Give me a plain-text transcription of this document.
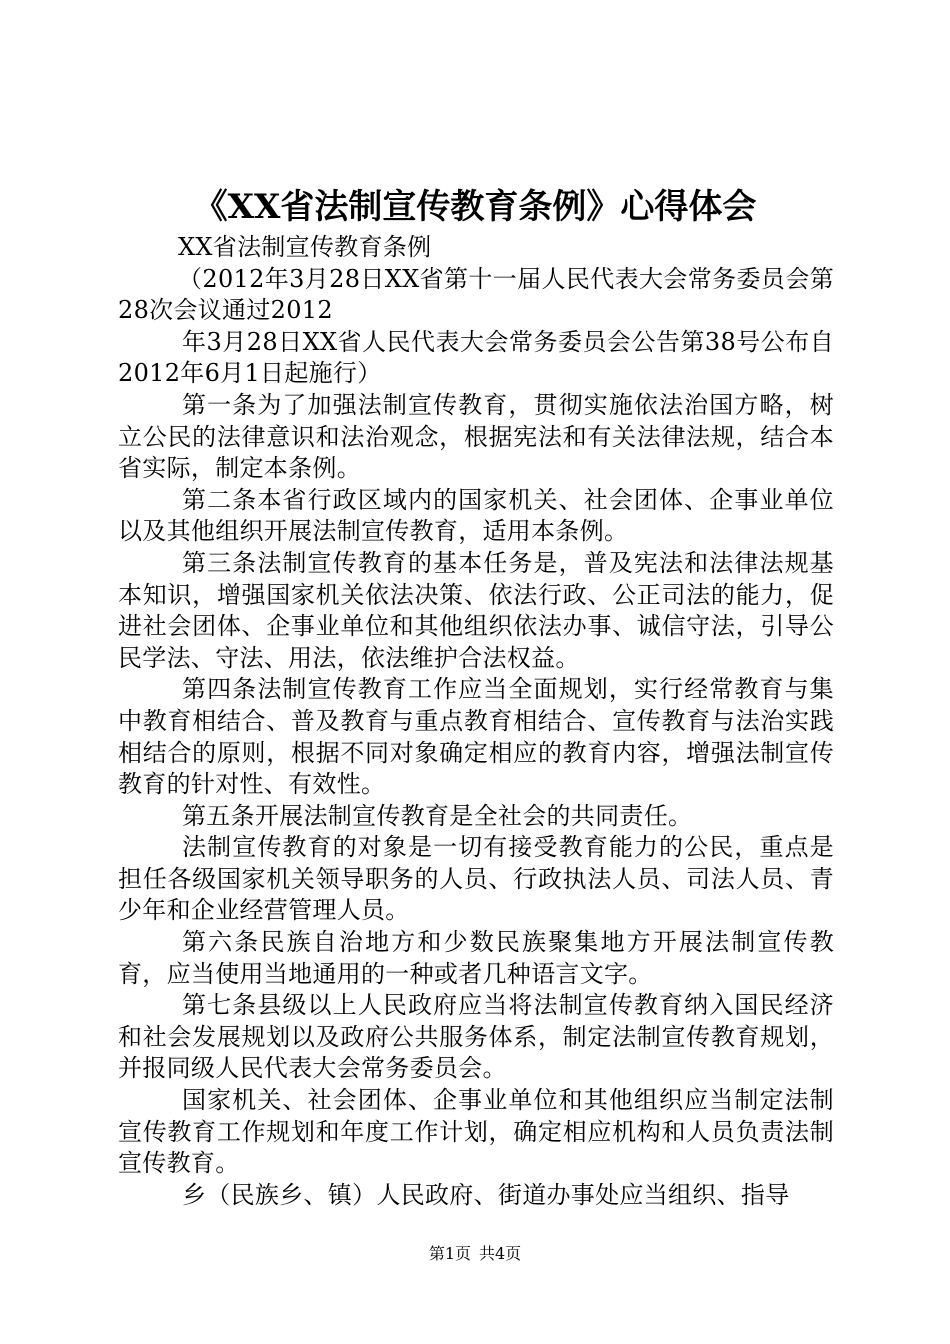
《XX省法制宣传教育条例》心得体会

XX省法制宣传教育条例

（2012年3月28日XX省第十一届人民代表大会常务委员会第28次会议通过2012

年3月28日XX省人民代表大会常务委员会公告第38号公布自2012年6月1日起施行）

第一条为了加强法制宣传教育，贯彻实施依法治国方略，树立公民的法律意识和法治观念，根据宪法和有关法律法规，结合本省实际，制定本条例。

第二条本省行政区域内的国家机关、社会团体、企事业单位以及其他组织开展法制宣传教育，适用本条例。

第三条法制宣传教育的基本任务是，普及宪法和法律法规基本知识，增强国家机关依法决策、依法行政、公正司法的能力，促进社会团体、企事业单位和其他组织依法办事、诚信守法，引导公民学法、守法、用法，依法维护合法权益。

第四条法制宣传教育工作应当全面规划，实行经常教育与集中教育相结合、普及教育与重点教育相结合、宣传教育与法治实践相结合的原则，根据不同对象确定相应的教育内容，增强法制宣传教育的针对性、有效性。

第五条开展法制宣传教育是全社会的共同责任。

法制宣传教育的对象是一切有接受教育能力的公民，重点是担任各级国家机关领导职务的人员、行政执法人员、司法人员、青少年和企业经营管理人员。

第六条民族自治地方和少数民族聚集地方开展法制宣传教育，应当使用当地通用的一种或者几种语言文字。

第七条县级以上人民政府应当将法制宣传教育纳入国民经济和社会发展规划以及政府公共服务体系，制定法制宣传教育规划，并报同级人民代表大会常务委员会。

国家机关、社会团体、企事业单位和其他组织应当制定法制宣传教育工作规划和年度工作计划，确定相应机构和人员负责法制宣传教育。

乡（民族乡、镇）人民政府、街道办事处应当组织、指导

第1页 共4页
